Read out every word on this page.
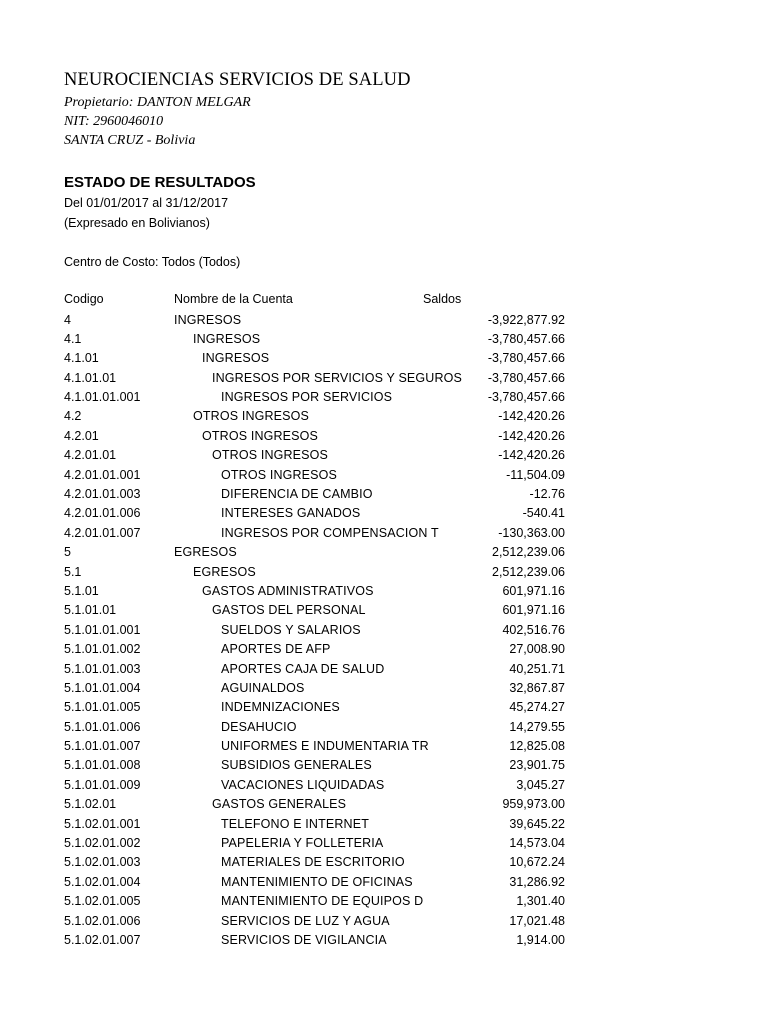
NEUROCIENCIAS SERVICIOS DE SALUD
Propietario: DANTON MELGAR
NIT: 2960046010
SANTA CRUZ - Bolivia
ESTADO DE RESULTADOS
Del 01/01/2017 al 31/12/2017
(Expresado en Bolivianos)
Centro de Costo: Todos (Todos)
Codigo	Nombre de la Cuenta	Saldos
4	INGRESOS	-3,922,877.92
4.1	INGRESOS	-3,780,457.66
4.1.01	INGRESOS	-3,780,457.66
4.1.01.01	INGRESOS POR SERVICIOS Y SEGUROS -3,780,457.66
4.1.01.01.001	INGRESOS POR SERVICIOS	-3,780,457.66
4.2	OTROS INGRESOS	-142,420.26
4.2.01	OTROS INGRESOS	-142,420.26
4.2.01.01	OTROS INGRESOS	-142,420.26
4.2.01.01.001	OTROS INGRESOS	-11,504.09
4.2.01.01.003	DIFERENCIA DE CAMBIO	-12.76
4.2.01.01.006	INTERESES GANADOS	-540.41
4.2.01.01.007	INGRESOS POR COMPENSACION T	-130,363.00
5	EGRESOS	2,512,239.06
5.1	EGRESOS	2,512,239.06
5.1.01	GASTOS ADMINISTRATIVOS	601,971.16
5.1.01.01	GASTOS DEL PERSONAL	601,971.16
5.1.01.01.001	SUELDOS Y SALARIOS	402,516.76
5.1.01.01.002	APORTES DE AFP	27,008.90
5.1.01.01.003	APORTES CAJA DE SALUD	40,251.71
5.1.01.01.004	AGUINALDOS	32,867.87
5.1.01.01.005	INDEMNIZACIONES	45,274.27
5.1.01.01.006	DESAHUCIO	14,279.55
5.1.01.01.007	UNIFORMES E INDUMENTARIA TR	12,825.08
5.1.01.01.008	SUBSIDIOS GENERALES	23,901.75
5.1.01.01.009	VACACIONES LIQUIDADAS	3,045.27
5.1.02.01	GASTOS GENERALES	959,973.00
5.1.02.01.001	TELEFONO E INTERNET	39,645.22
5.1.02.01.002	PAPELERIA Y FOLLETERIA	14,573.04
5.1.02.01.003	MATERIALES DE ESCRITORIO	10,672.24
5.1.02.01.004	MANTENIMIENTO DE OFICINAS	31,286.92
5.1.02.01.005	MANTENIMIENTO DE EQUIPOS D	1,301.40
5.1.02.01.006	SERVICIOS DE LUZ Y AGUA	17,021.48
5.1.02.01.007	SERVICIOS DE VIGILANCIA	1,914.00
